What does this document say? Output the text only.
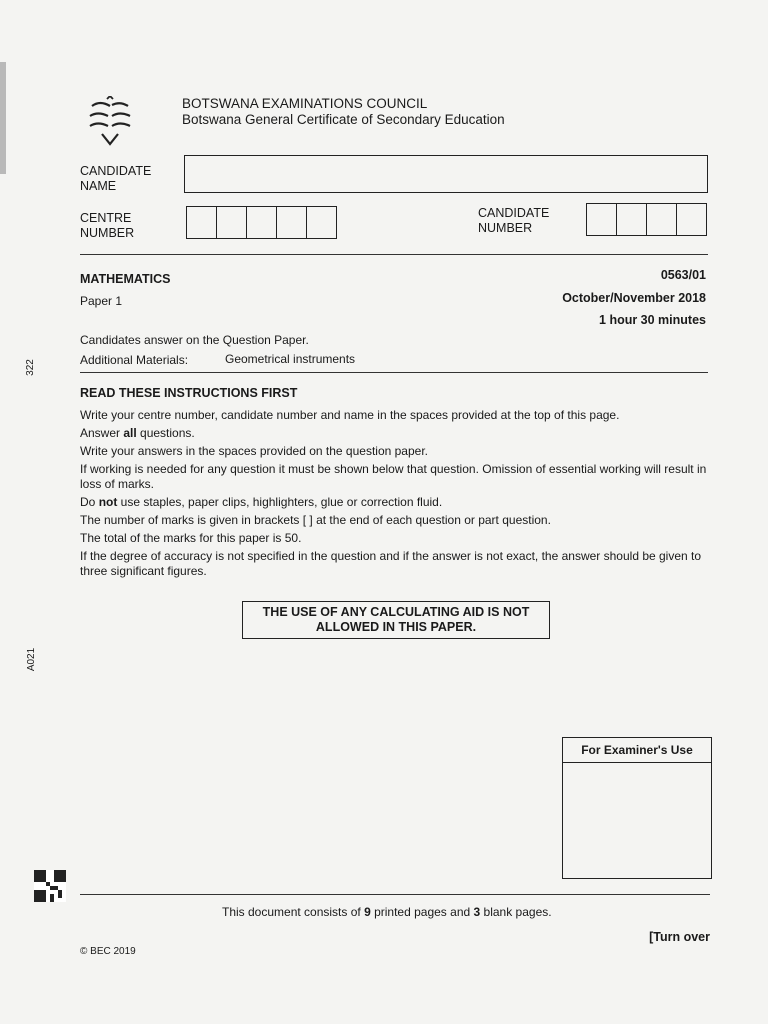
BOTSWANA EXAMINATIONS COUNCIL
Botswana General Certificate of Secondary Education
CANDIDATE
NAME
CENTRE
NUMBER
CANDIDATE
NUMBER
MATHEMATICS	0563/01
Paper 1	October/November 2018
1 hour 30 minutes
Candidates answer on the Question Paper.
Additional Materials:	Geometrical instruments
READ THESE INSTRUCTIONS FIRST

Write your centre number, candidate number and name in the spaces provided at the top of this page.

Answer all questions.

Write your answers in the spaces provided on the question paper.

If working is needed for any question it must be shown below that question. Omission of essential working will result in loss of marks.

Do not use staples, paper clips, highlighters, glue or correction fluid.

The number of marks is given in brackets [ ] at the end of each question or part question.

The total of the marks for this paper is 50.

If the degree of accuracy is not specified in the question and if the answer is not exact, the answer should be given to three significant figures.

THE USE OF ANY CALCULATING AID IS NOT
ALLOWED IN THIS PAPER.
322
A021
For Examiner's Use
This document consists of 9 printed pages and 3 blank pages.
[Turn over
© BEC 2019
